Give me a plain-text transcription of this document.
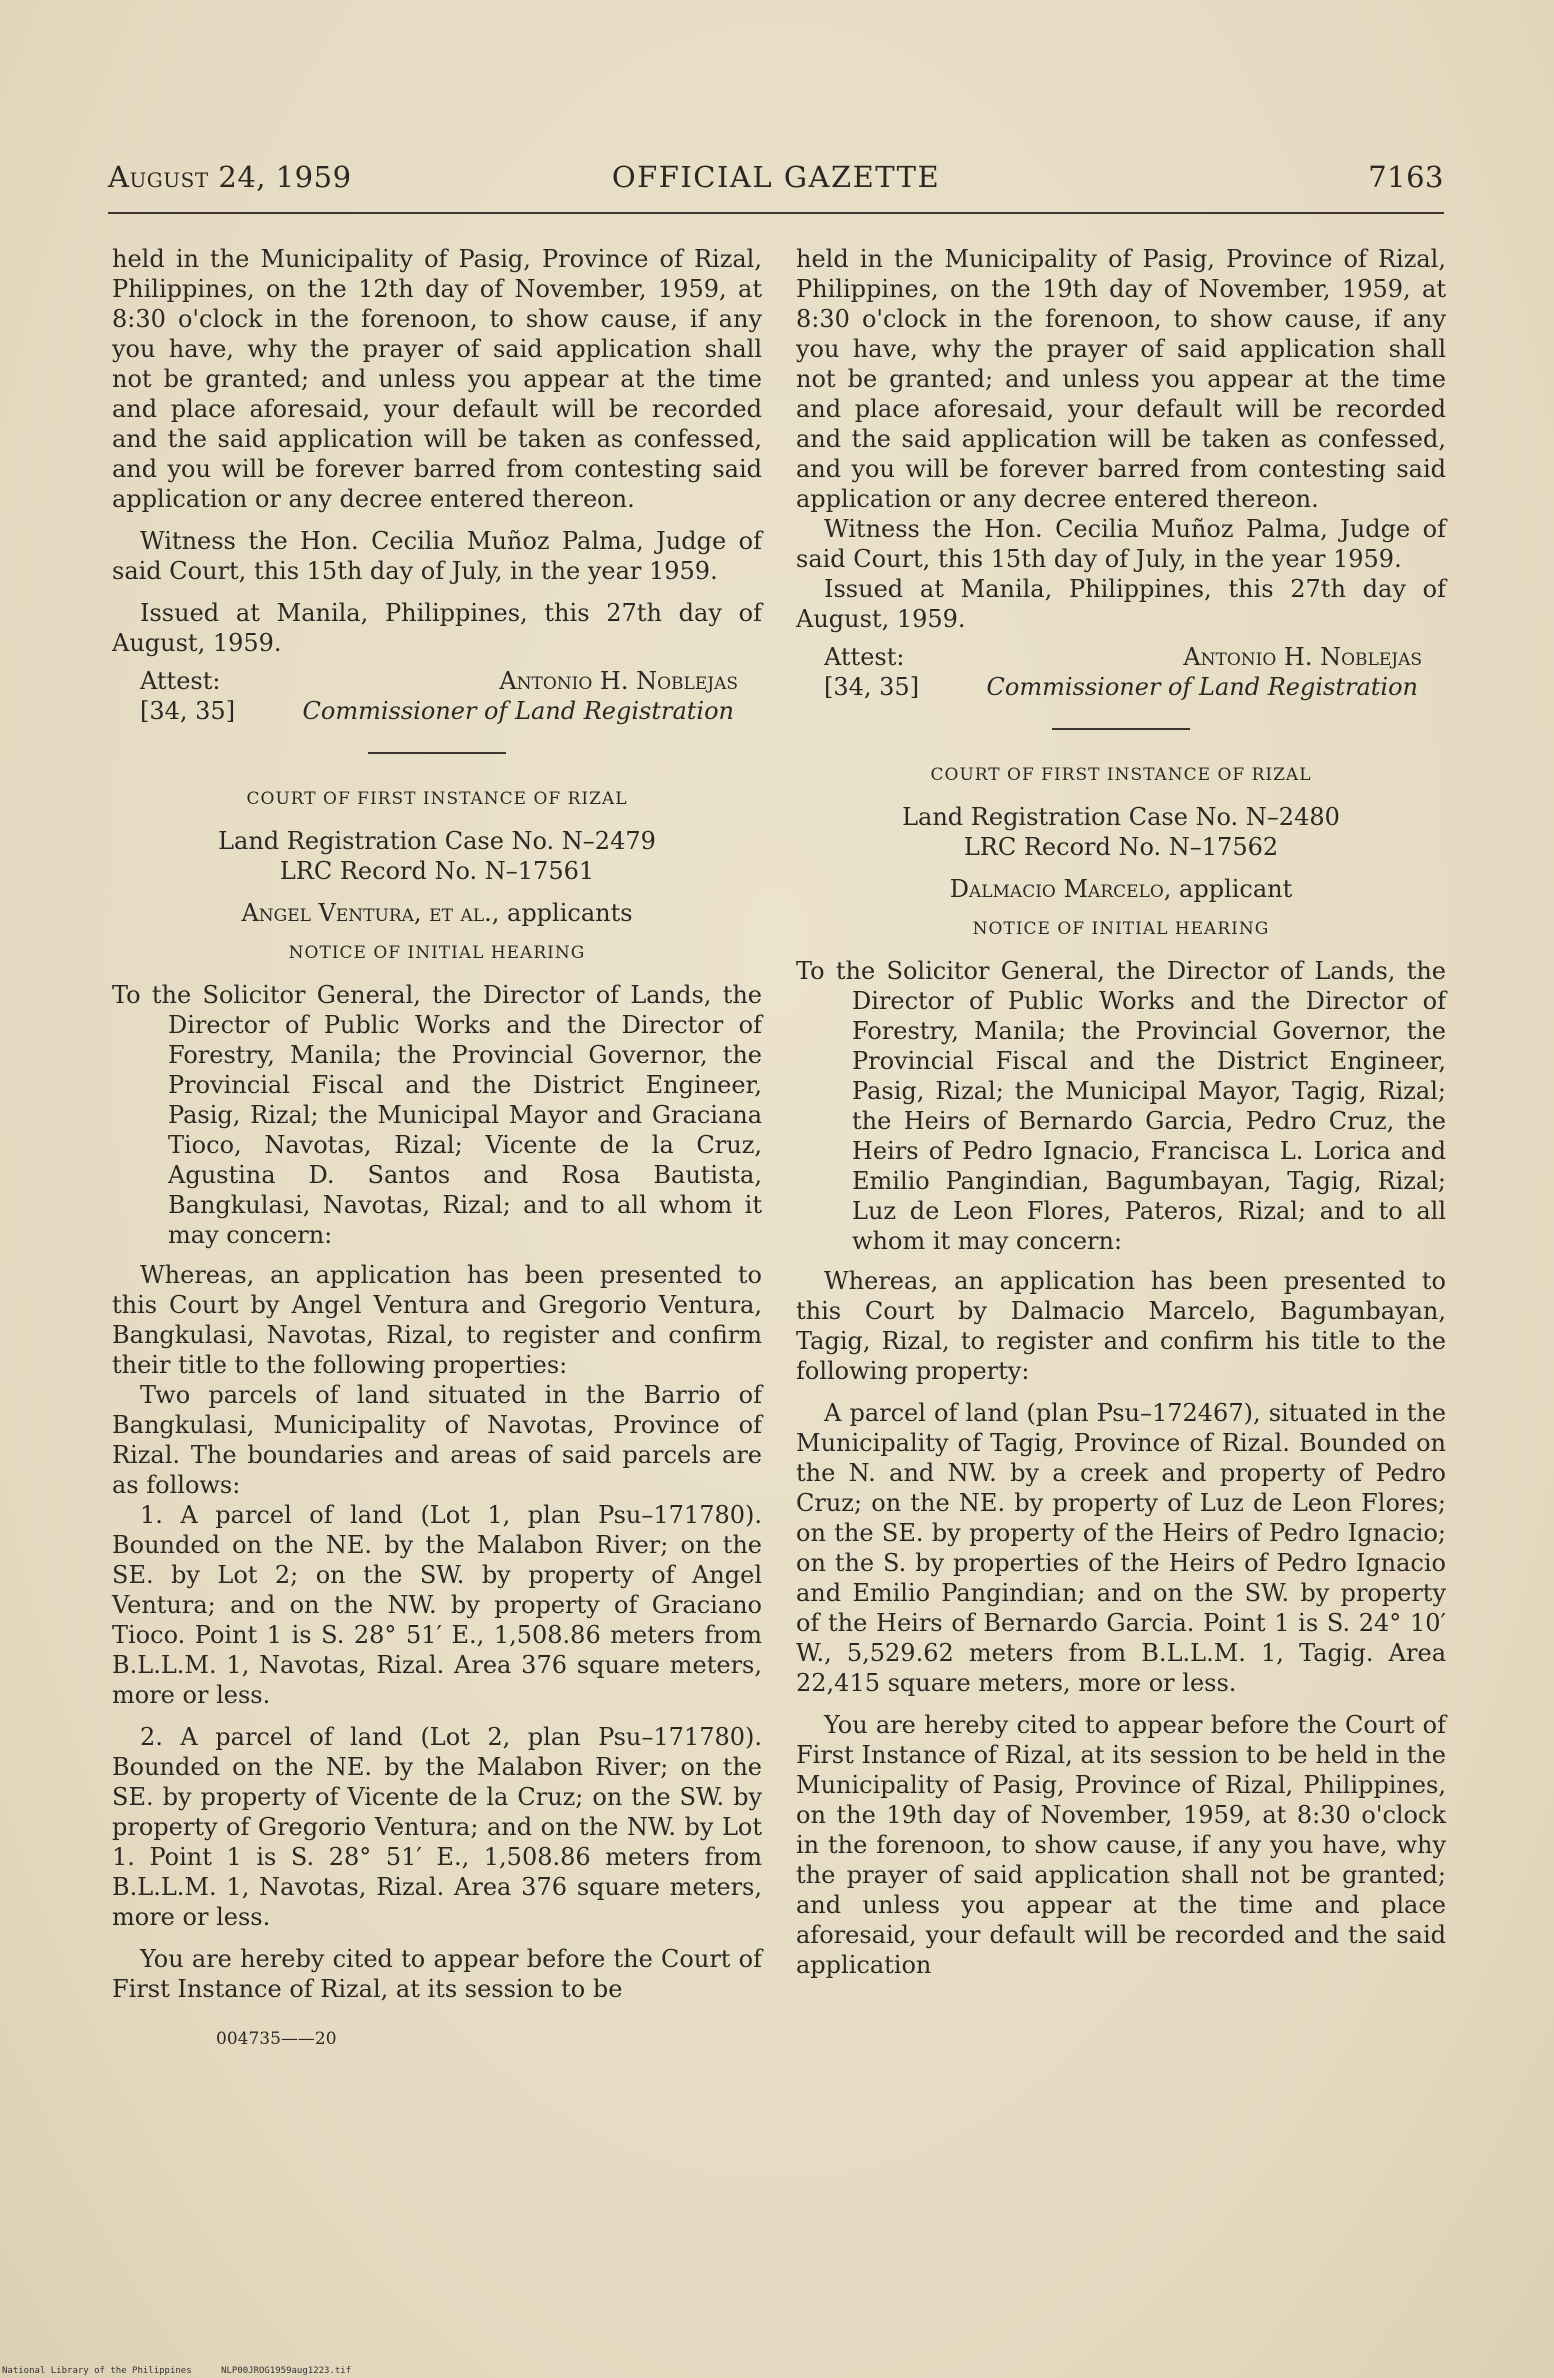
August 24, 1959	OFFICIAL GAZETTE	7163

held in the Municipality of Pasig, Province of Rizal, Philippines, on the 12th day of November, 1959, at 8:30 o'clock in the forenoon, to show cause, if any you have, why the prayer of said application shall not be granted; and unless you appear at the time and place aforesaid, your default will be recorded and the said application will be taken as confessed, and you will be forever barred from contesting said application or any decree entered thereon.

Witness the Hon. Cecilia Muñoz Palma, Judge of said Court, this 15th day of July, in the year 1959.

Issued at Manila, Philippines, this 27th day of August, 1959.

Attest:
[34, 35]
Antonio H. Noblejas
Commissioner of Land Registration
COURT OF FIRST INSTANCE OF RIZAL
Land Registration Case No. N–2479
LRC Record No. N–17561
Angel Ventura, et al., applicants
NOTICE OF INITIAL HEARING

To the Solicitor General, the Director of Lands, the Director of Public Works and the Director of Forestry, Manila; the Provincial Governor, the Provincial Fiscal and the District Engineer, Pasig, Rizal; the Municipal Mayor and Graciana Tioco, Navotas, Rizal; Vicente de la Cruz, Agustina D. Santos and Rosa Bautista, Bangkulasi, Navotas, Rizal; and to all whom it may concern:

Whereas, an application has been presented to this Court by Angel Ventura and Gregorio Ventura, Bangkulasi, Navotas, Rizal, to register and confirm their title to the following properties:

Two parcels of land situated in the Barrio of Bangkulasi, Municipality of Navotas, Province of Rizal. The boundaries and areas of said parcels are as follows:

1. A parcel of land (Lot 1, plan Psu–171780). Bounded on the NE. by the Malabon River; on the SE. by Lot 2; on the SW. by property of Angel Ventura; and on the NW. by property of Graciano Tioco. Point 1 is S. 28° 51′ E., 1,508.86 meters from B.L.L.M. 1, Navotas, Rizal. Area 376 square meters, more or less.

2. A parcel of land (Lot 2, plan Psu–171780). Bounded on the NE. by the Malabon River; on the SE. by property of Vicente de la Cruz; on the SW. by property of Gregorio Ventura; and on the NW. by Lot 1. Point 1 is S. 28° 51′ E., 1,508.86 meters from B.L.L.M. 1, Navotas, Rizal. Area 376 square meters, more or less.

You are hereby cited to appear before the Court of First Instance of Rizal, at its session to be

004735——20

held in the Municipality of Pasig, Province of Rizal, Philippines, on the 19th day of November, 1959, at 8:30 o'clock in the forenoon, to show cause, if any you have, why the prayer of said application shall not be granted; and unless you appear at the time and place aforesaid, your default will be recorded and the said application will be taken as confessed, and you will be forever barred from contesting said application or any decree entered thereon.

Witness the Hon. Cecilia Muñoz Palma, Judge of said Court, this 15th day of July, in the year 1959.

Issued at Manila, Philippines, this 27th day of August, 1959.

Attest:
[34, 35]
Antonio H. Noblejas
Commissioner of Land Registration
COURT OF FIRST INSTANCE OF RIZAL
Land Registration Case No. N–2480
LRC Record No. N–17562
Dalmacio Marcelo, applicant
NOTICE OF INITIAL HEARING

To the Solicitor General, the Director of Lands, the Director of Public Works and the Director of Forestry, Manila; the Provincial Governor, the Provincial Fiscal and the District Engineer, Pasig, Rizal; the Municipal Mayor, Tagig, Rizal; the Heirs of Bernardo Garcia, Pedro Cruz, the Heirs of Pedro Ignacio, Francisca L. Lorica and Emilio Pangindian, Bagumbayan, Tagig, Rizal; Luz de Leon Flores, Pateros, Rizal; and to all whom it may concern:

Whereas, an application has been presented to this Court by Dalmacio Marcelo, Bagumbayan, Tagig, Rizal, to register and confirm his title to the following property:

A parcel of land (plan Psu–172467), situated in the Municipality of Tagig, Province of Rizal. Bounded on the N. and NW. by a creek and property of Pedro Cruz; on the NE. by property of Luz de Leon Flores; on the SE. by property of the Heirs of Pedro Ignacio; on the S. by properties of the Heirs of Pedro Ignacio and Emilio Pangindian; and on the SW. by property of the Heirs of Bernardo Garcia. Point 1 is S. 24° 10′ W., 5,529.62 meters from B.L.L.M. 1, Tagig. Area 22,415 square meters, more or less.

You are hereby cited to appear before the Court of First Instance of Rizal, at its session to be held in the Municipality of Pasig, Province of Rizal, Philippines, on the 19th day of November, 1959, at 8:30 o'clock in the forenoon, to show cause, if any you have, why the prayer of said application shall not be granted; and unless you appear at the time and place aforesaid, your default will be recorded and the said application

National Library of the Philippines	NLP00JROG1959aug1223.tif
